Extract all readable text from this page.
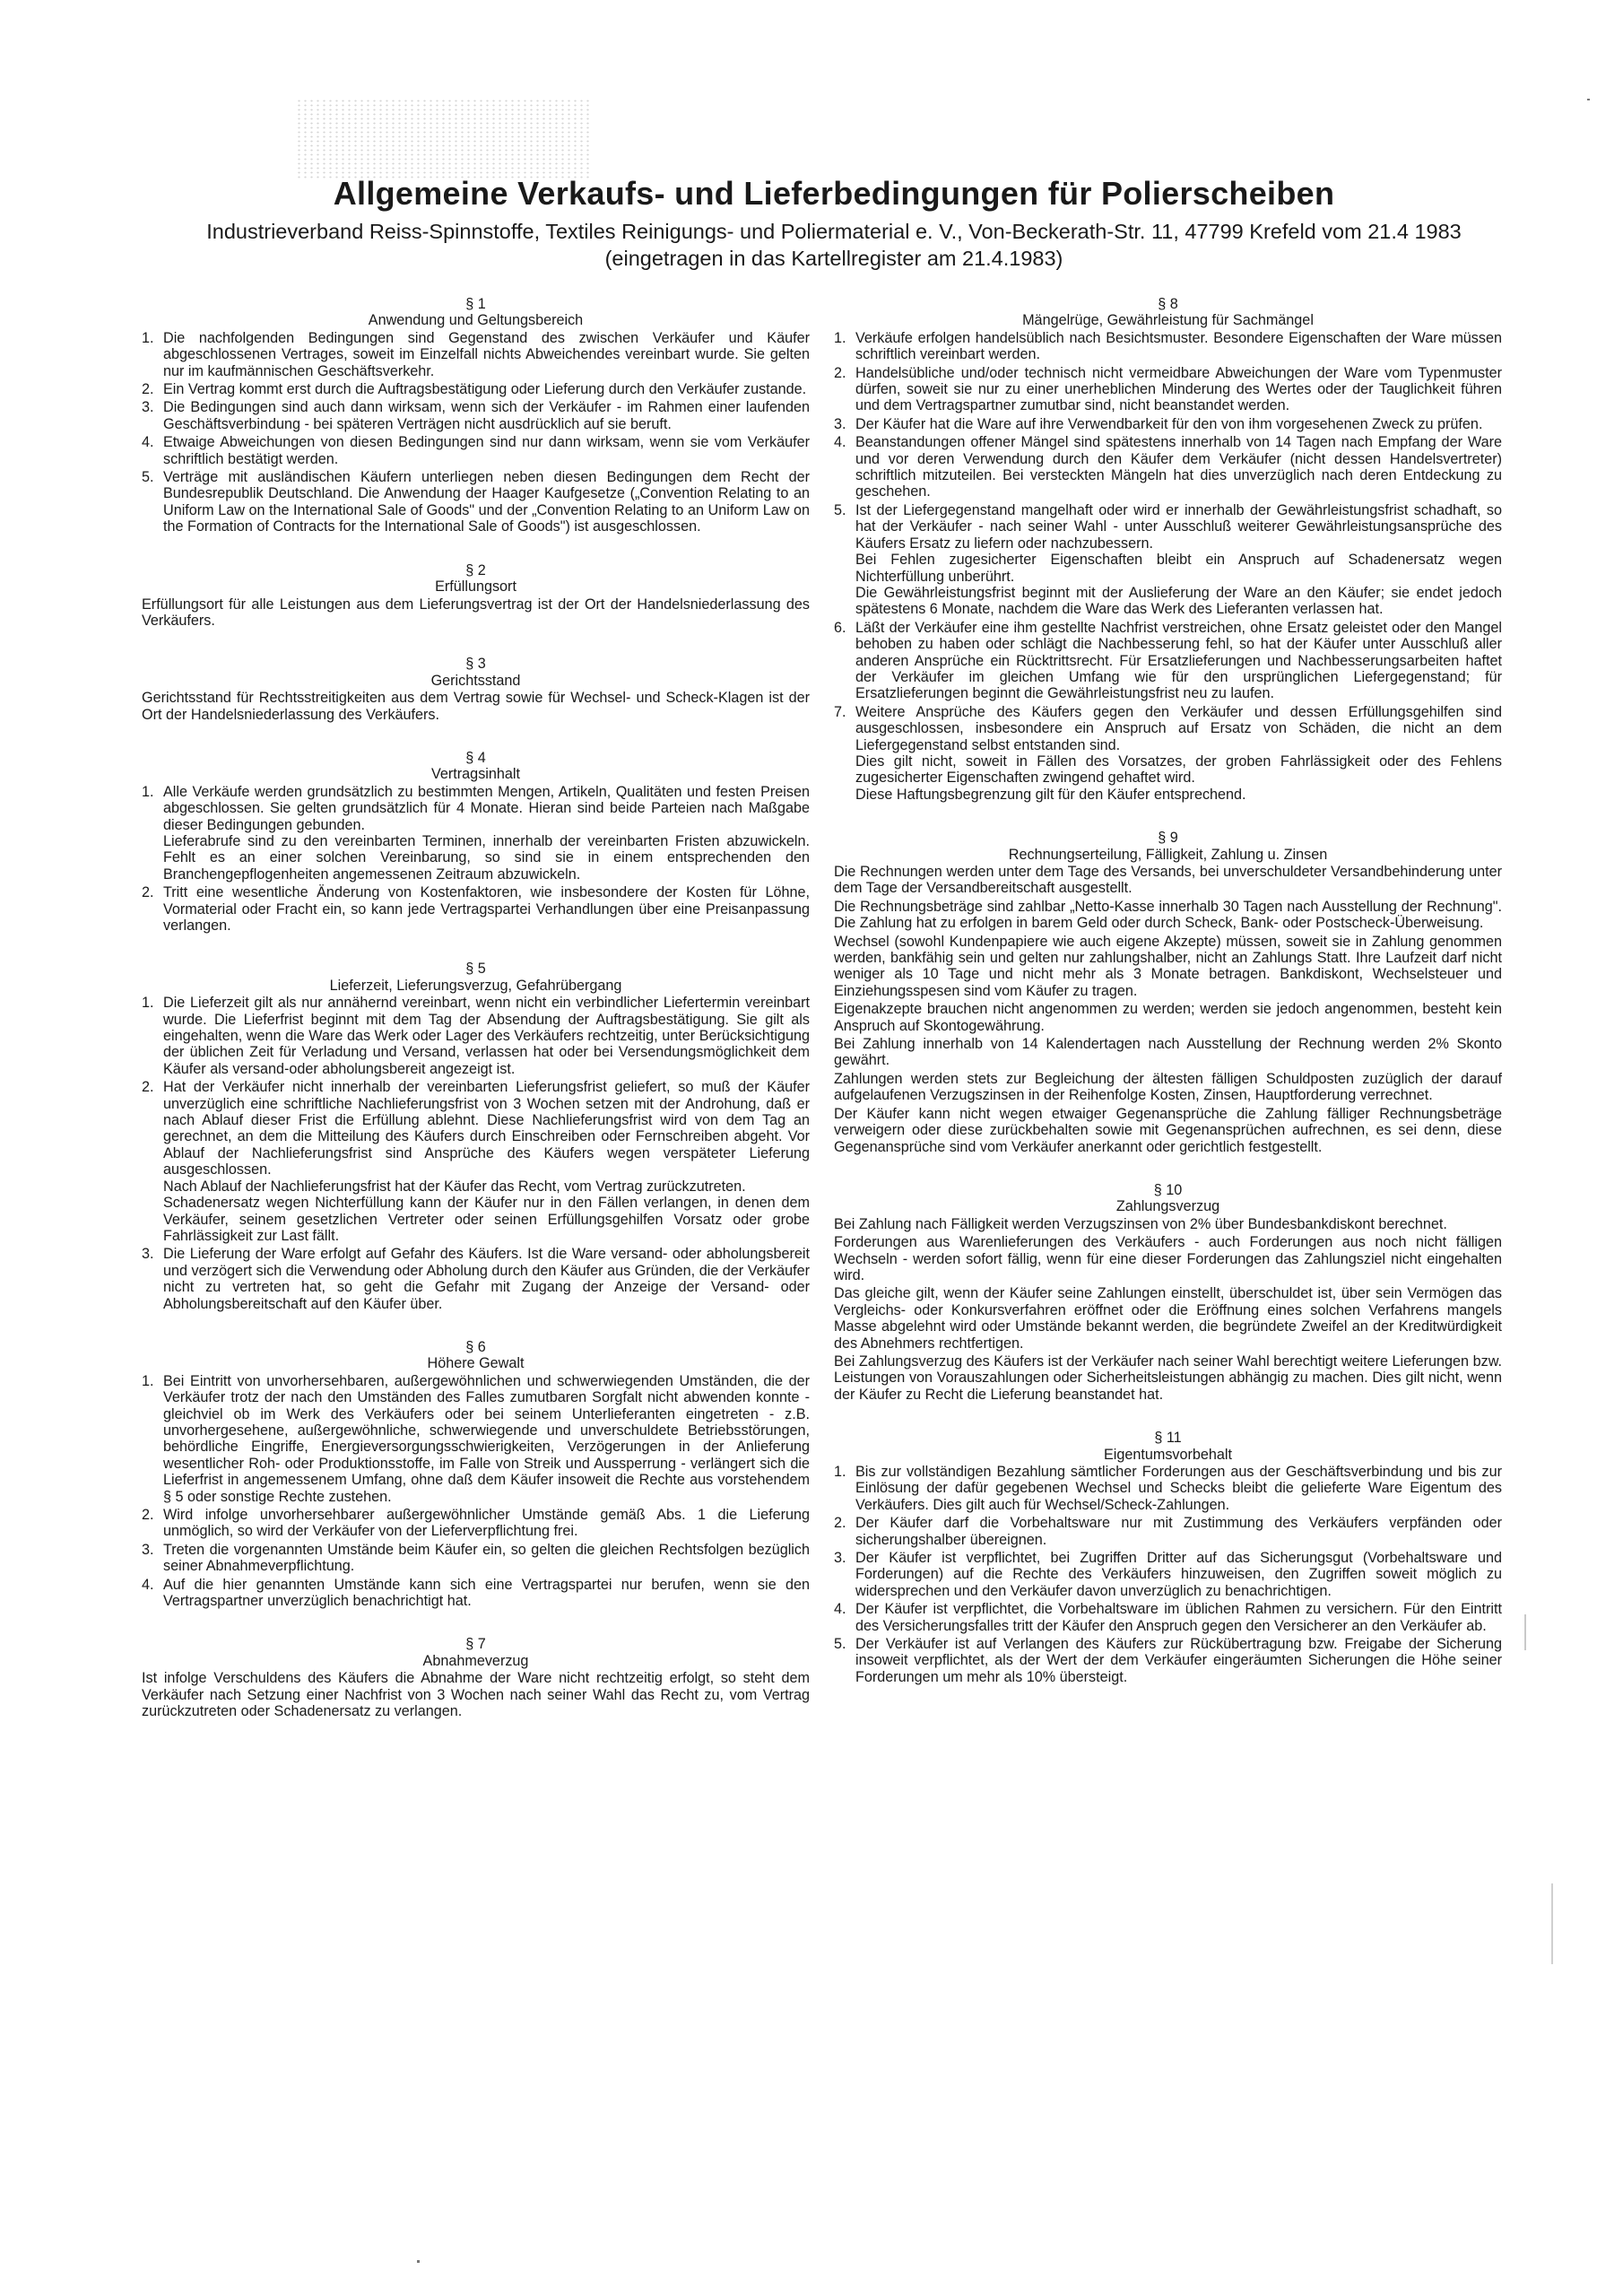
Allgemeine Verkaufs- und Lieferbedingungen für Polierscheiben

Industrieverband Reiss-Spinnstoffe, Textiles Reinigungs- und Poliermaterial e. V., Von-Beckerath-Str. 11, 47799 Krefeld vom 21.4 1983

(eingetragen in das Kartellregister am 21.4.1983)

§ 1

Anwendung und Geltungsbereich

1. Die nachfolgenden Bedingungen sind Gegenstand des zwischen Verkäufer und Käufer abgeschlossenen Vertrages, soweit im Einzelfall nichts Abweichendes vereinbart wurde. Sie gelten nur im kaufmännischen Geschäftsverkehr.
2. Ein Vertrag kommt erst durch die Auftragsbestätigung oder Lieferung durch den Verkäufer zustande.
3. Die Bedingungen sind auch dann wirksam, wenn sich der Verkäufer - im Rahmen einer laufenden Geschäftsverbindung - bei späteren Verträgen nicht ausdrücklich auf sie beruft.
4. Etwaige Abweichungen von diesen Bedingungen sind nur dann wirksam, wenn sie vom Verkäufer schriftlich bestätigt werden.
5. Verträge mit ausländischen Käufern unterliegen neben diesen Bedingungen dem Recht der Bundesrepublik Deutschland. Die Anwendung der Haager Kaufgesetze („Convention Relating to an Uniform Law on the International Sale of Goods" und der „Convention Relating to an Uniform Law on the Formation of Contracts for the International Sale of Goods") ist ausgeschlossen.

§ 2

Erfüllungsort

Erfüllungsort für alle Leistungen aus dem Lieferungsvertrag ist der Ort der Handelsniederlassung des Verkäufers.

§ 3

Gerichtsstand

Gerichtsstand für Rechtsstreitigkeiten aus dem Vertrag sowie für Wechsel- und Scheck-Klagen ist der Ort der Handelsniederlassung des Verkäufers.

§ 4

Vertragsinhalt

1. Alle Verkäufe werden grundsätzlich zu bestimmten Mengen, Artikeln, Qualitäten und festen Preisen abgeschlossen. Sie gelten grundsätzlich für 4 Monate. Hieran sind beide Parteien nach Maßgabe dieser Bedingungen gebunden.
Lieferabrufe sind zu den vereinbarten Terminen, innerhalb der vereinbarten Fristen abzuwickeln. Fehlt es an einer solchen Vereinbarung, so sind sie in einem entsprechenden den Branchengepflogenheiten angemessenen Zeitraum abzuwickeln.
2. Tritt eine wesentliche Änderung von Kostenfaktoren, wie insbesondere der Kosten für Löhne, Vormaterial oder Fracht ein, so kann jede Vertragspartei Verhandlungen über eine Preisanpassung verlangen.

§ 5

Lieferzeit, Lieferungsverzug, Gefahrübergang

1. Die Lieferzeit gilt als nur annähernd vereinbart, wenn nicht ein verbindlicher Liefertermin vereinbart wurde. Die Lieferfrist beginnt mit dem Tag der Absendung der Auftragsbestätigung. Sie gilt als eingehalten, wenn die Ware das Werk oder Lager des Verkäufers rechtzeitig, unter Berücksichtigung der üblichen Zeit für Verladung und Versand, verlassen hat oder bei Versendungsmöglichkeit dem Käufer als versand-oder abholungsbereit angezeigt ist.
2. Hat der Verkäufer nicht innerhalb der vereinbarten Lieferungsfrist geliefert, so muß der Käufer unverzüglich eine schriftliche Nachlieferungsfrist von 3 Wochen setzen mit der Androhung, daß er nach Ablauf dieser Frist die Erfüllung ablehnt. Diese Nachlieferungsfrist wird von dem Tag an gerechnet, an dem die Mitteilung des Käufers durch Einschreiben oder Fernschreiben abgeht. Vor Ablauf der Nachlieferungsfrist sind Ansprüche des Käufers wegen verspäteter Lieferung ausgeschlossen.
Nach Ablauf der Nachlieferungsfrist hat der Käufer das Recht, vom Vertrag zurückzutreten.
Schadenersatz wegen Nichterfüllung kann der Käufer nur in den Fällen verlangen, in denen dem Verkäufer, seinem gesetzlichen Vertreter oder seinen Erfüllungsgehilfen Vorsatz oder grobe Fahrlässigkeit zur Last fällt.
3. Die Lieferung der Ware erfolgt auf Gefahr des Käufers. Ist die Ware versand- oder abholungsbereit und verzögert sich die Verwendung oder Abholung durch den Käufer aus Gründen, die der Verkäufer nicht zu vertreten hat, so geht die Gefahr mit Zugang der Anzeige der Versand- oder Abholungsbereitschaft auf den Käufer über.

§ 6

Höhere Gewalt

1. Bei Eintritt von unvorhersehbaren, außergewöhnlichen und schwerwiegenden Umständen, die der Verkäufer trotz der nach den Umständen des Falles zumutbaren Sorgfalt nicht abwenden konnte - gleichviel ob im Werk des Verkäufers oder bei seinem Unterlieferanten eingetreten - z.B. unvorhergesehene, außergewöhnliche, schwerwiegende und unverschuldete Betriebsstörungen, behördliche Eingriffe, Energieversorgungsschwierigkeiten, Verzögerungen in der Anlieferung wesentlicher Roh- oder Produktionsstoffe, im Falle von Streik und Aussperrung - verlängert sich die Lieferfrist in angemessenem Umfang, ohne daß dem Käufer insoweit die Rechte aus vorstehendem § 5 oder sonstige Rechte zustehen.
2. Wird infolge unvorhersehbarer außergewöhnlicher Umstände gemäß Abs. 1 die Lieferung unmöglich, so wird der Verkäufer von der Lieferverpflichtung frei.
3. Treten die vorgenannten Umstände beim Käufer ein, so gelten die gleichen Rechtsfolgen bezüglich seiner Abnahmeverpflichtung.
4. Auf die hier genannten Umstände kann sich eine Vertragspartei nur berufen, wenn sie den Vertragspartner unverzüglich benachrichtigt hat.

§ 7

Abnahmeverzug

Ist infolge Verschuldens des Käufers die Abnahme der Ware nicht rechtzeitig erfolgt, so steht dem Verkäufer nach Setzung einer Nachfrist von 3 Wochen nach seiner Wahl das Recht zu, vom Vertrag zurückzutreten oder Schadenersatz zu verlangen.

§ 8

Mängelrüge, Gewährleistung für Sachmängel

1. Verkäufe erfolgen handelsüblich nach Besichtsmuster. Besondere Eigenschaften der Ware müssen schriftlich vereinbart werden.
2. Handelsübliche und/oder technisch nicht vermeidbare Abweichungen der Ware vom Typenmuster dürfen, soweit sie nur zu einer unerheblichen Minderung des Wertes oder der Tauglichkeit führen und dem Vertragspartner zumutbar sind, nicht beanstandet werden.
3. Der Käufer hat die Ware auf ihre Verwendbarkeit für den von ihm vorgesehenen Zweck zu prüfen.
4. Beanstandungen offener Mängel sind spätestens innerhalb von 14 Tagen nach Empfang der Ware und vor deren Verwendung durch den Käufer dem Verkäufer (nicht dessen Handelsvertreter) schriftlich mitzuteilen. Bei versteckten Mängeln hat dies unverzüglich nach deren Entdeckung zu geschehen.
5. Ist der Liefergegenstand mangelhaft oder wird er innerhalb der Gewährleistungsfrist schadhaft, so hat der Verkäufer - nach seiner Wahl - unter Ausschluß weiterer Gewährleistungsansprüche des Käufers Ersatz zu liefern oder nachzubessern.
Bei Fehlen zugesicherter Eigenschaften bleibt ein Anspruch auf Schadenersatz wegen Nichterfüllung unberührt.
Die Gewährleistungsfrist beginnt mit der Auslieferung der Ware an den Käufer; sie endet jedoch spätestens 6 Monate, nachdem die Ware das Werk des Lieferanten verlassen hat.
6. Läßt der Verkäufer eine ihm gestellte Nachfrist verstreichen, ohne Ersatz geleistet oder den Mangel behoben zu haben oder schlägt die Nachbesserung fehl, so hat der Käufer unter Ausschluß aller anderen Ansprüche ein Rücktrittsrecht. Für Ersatzlieferungen und Nachbesserungsarbeiten haftet der Verkäufer im gleichen Umfang wie für den ursprünglichen Liefergegenstand; für Ersatzlieferungen beginnt die Gewährleistungsfrist neu zu laufen.
7. Weitere Ansprüche des Käufers gegen den Verkäufer und dessen Erfüllungsgehilfen sind ausgeschlossen, insbesondere ein Anspruch auf Ersatz von Schäden, die nicht an dem Liefergegenstand selbst entstanden sind.
Dies gilt nicht, soweit in Fällen des Vorsatzes, der groben Fahrlässigkeit oder des Fehlens zugesicherter Eigenschaften zwingend gehaftet wird.
Diese Haftungsbegrenzung gilt für den Käufer entsprechend.

§ 9

Rechnungserteilung, Fälligkeit, Zahlung u. Zinsen

Die Rechnungen werden unter dem Tage des Versands, bei unverschuldeter Versandbehinderung unter dem Tage der Versandbereitschaft ausgestellt.

Die Rechnungsbeträge sind zahlbar „Netto-Kasse innerhalb 30 Tagen nach Ausstellung der Rechnung". Die Zahlung hat zu erfolgen in barem Geld oder durch Scheck, Bank- oder Postscheck-Überweisung.

Wechsel (sowohl Kundenpapiere wie auch eigene Akzepte) müssen, soweit sie in Zahlung genommen werden, bankfähig sein und gelten nur zahlungshalber, nicht an Zahlungs Statt. Ihre Laufzeit darf nicht weniger als 10 Tage und nicht mehr als 3 Monate betragen. Bankdiskont, Wechselsteuer und Einziehungsspesen sind vom Käufer zu tragen.

Eigenakzepte brauchen nicht angenommen zu werden; werden sie jedoch angenommen, besteht kein Anspruch auf Skontogewährung.

Bei Zahlung innerhalb von 14 Kalendertagen nach Ausstellung der Rechnung werden 2% Skonto gewährt.

Zahlungen werden stets zur Begleichung der ältesten fälligen Schuldposten zuzüglich der darauf aufgelaufenen Verzugszinsen in der Reihenfolge Kosten, Zinsen, Hauptforderung verrechnet.

Der Käufer kann nicht wegen etwaiger Gegenansprüche die Zahlung fälliger Rechnungsbeträge verweigern oder diese zurückbehalten sowie mit Gegenansprüchen aufrechnen, es sei denn, diese Gegenansprüche sind vom Verkäufer anerkannt oder gerichtlich festgestellt.

§ 10

Zahlungsverzug

Bei Zahlung nach Fälligkeit werden Verzugszinsen von 2% über Bundesbankdiskont berechnet.

Forderungen aus Warenlieferungen des Verkäufers - auch Forderungen aus noch nicht fälligen Wechseln - werden sofort fällig, wenn für eine dieser Forderungen das Zahlungsziel nicht eingehalten wird.

Das gleiche gilt, wenn der Käufer seine Zahlungen einstellt, überschuldet ist, über sein Vermögen das Vergleichs- oder Konkursverfahren eröffnet oder die Eröffnung eines solchen Verfahrens mangels Masse abgelehnt wird oder Umstände bekannt werden, die begründete Zweifel an der Kreditwürdigkeit des Abnehmers rechtfertigen.

Bei Zahlungsverzug des Käufers ist der Verkäufer nach seiner Wahl berechtigt weitere Lieferungen bzw. Leistungen von Vorauszahlungen oder Sicherheitsleistungen abhängig zu machen. Dies gilt nicht, wenn der Käufer zu Recht die Lieferung beanstandet hat.

§ 11

Eigentumsvorbehalt

1. Bis zur vollständigen Bezahlung sämtlicher Forderungen aus der Geschäftsverbindung und bis zur Einlösung der dafür gegebenen Wechsel und Schecks bleibt die gelieferte Ware Eigentum des Verkäufers. Dies gilt auch für Wechsel/Scheck-Zahlungen.
2. Der Käufer darf die Vorbehaltsware nur mit Zustimmung des Verkäufers verpfänden oder sicherungshalber übereignen.
3. Der Käufer ist verpflichtet, bei Zugriffen Dritter auf das Sicherungsgut (Vorbehaltsware und Forderungen) auf die Rechte des Verkäufers hinzuweisen, den Zugriffen soweit möglich zu widersprechen und den Verkäufer davon unverzüglich zu benachrichtigen.
4. Der Käufer ist verpflichtet, die Vorbehaltsware im üblichen Rahmen zu versichern. Für den Eintritt des Versicherungsfalles tritt der Käufer den Anspruch gegen den Versicherer an den Verkäufer ab.
5. Der Verkäufer ist auf Verlangen des Käufers zur Rückübertragung bzw. Freigabe der Sicherung insoweit verpflichtet, als der Wert der dem Verkäufer eingeräumten Sicherungen die Höhe seiner Forderungen um mehr als 10% übersteigt.
